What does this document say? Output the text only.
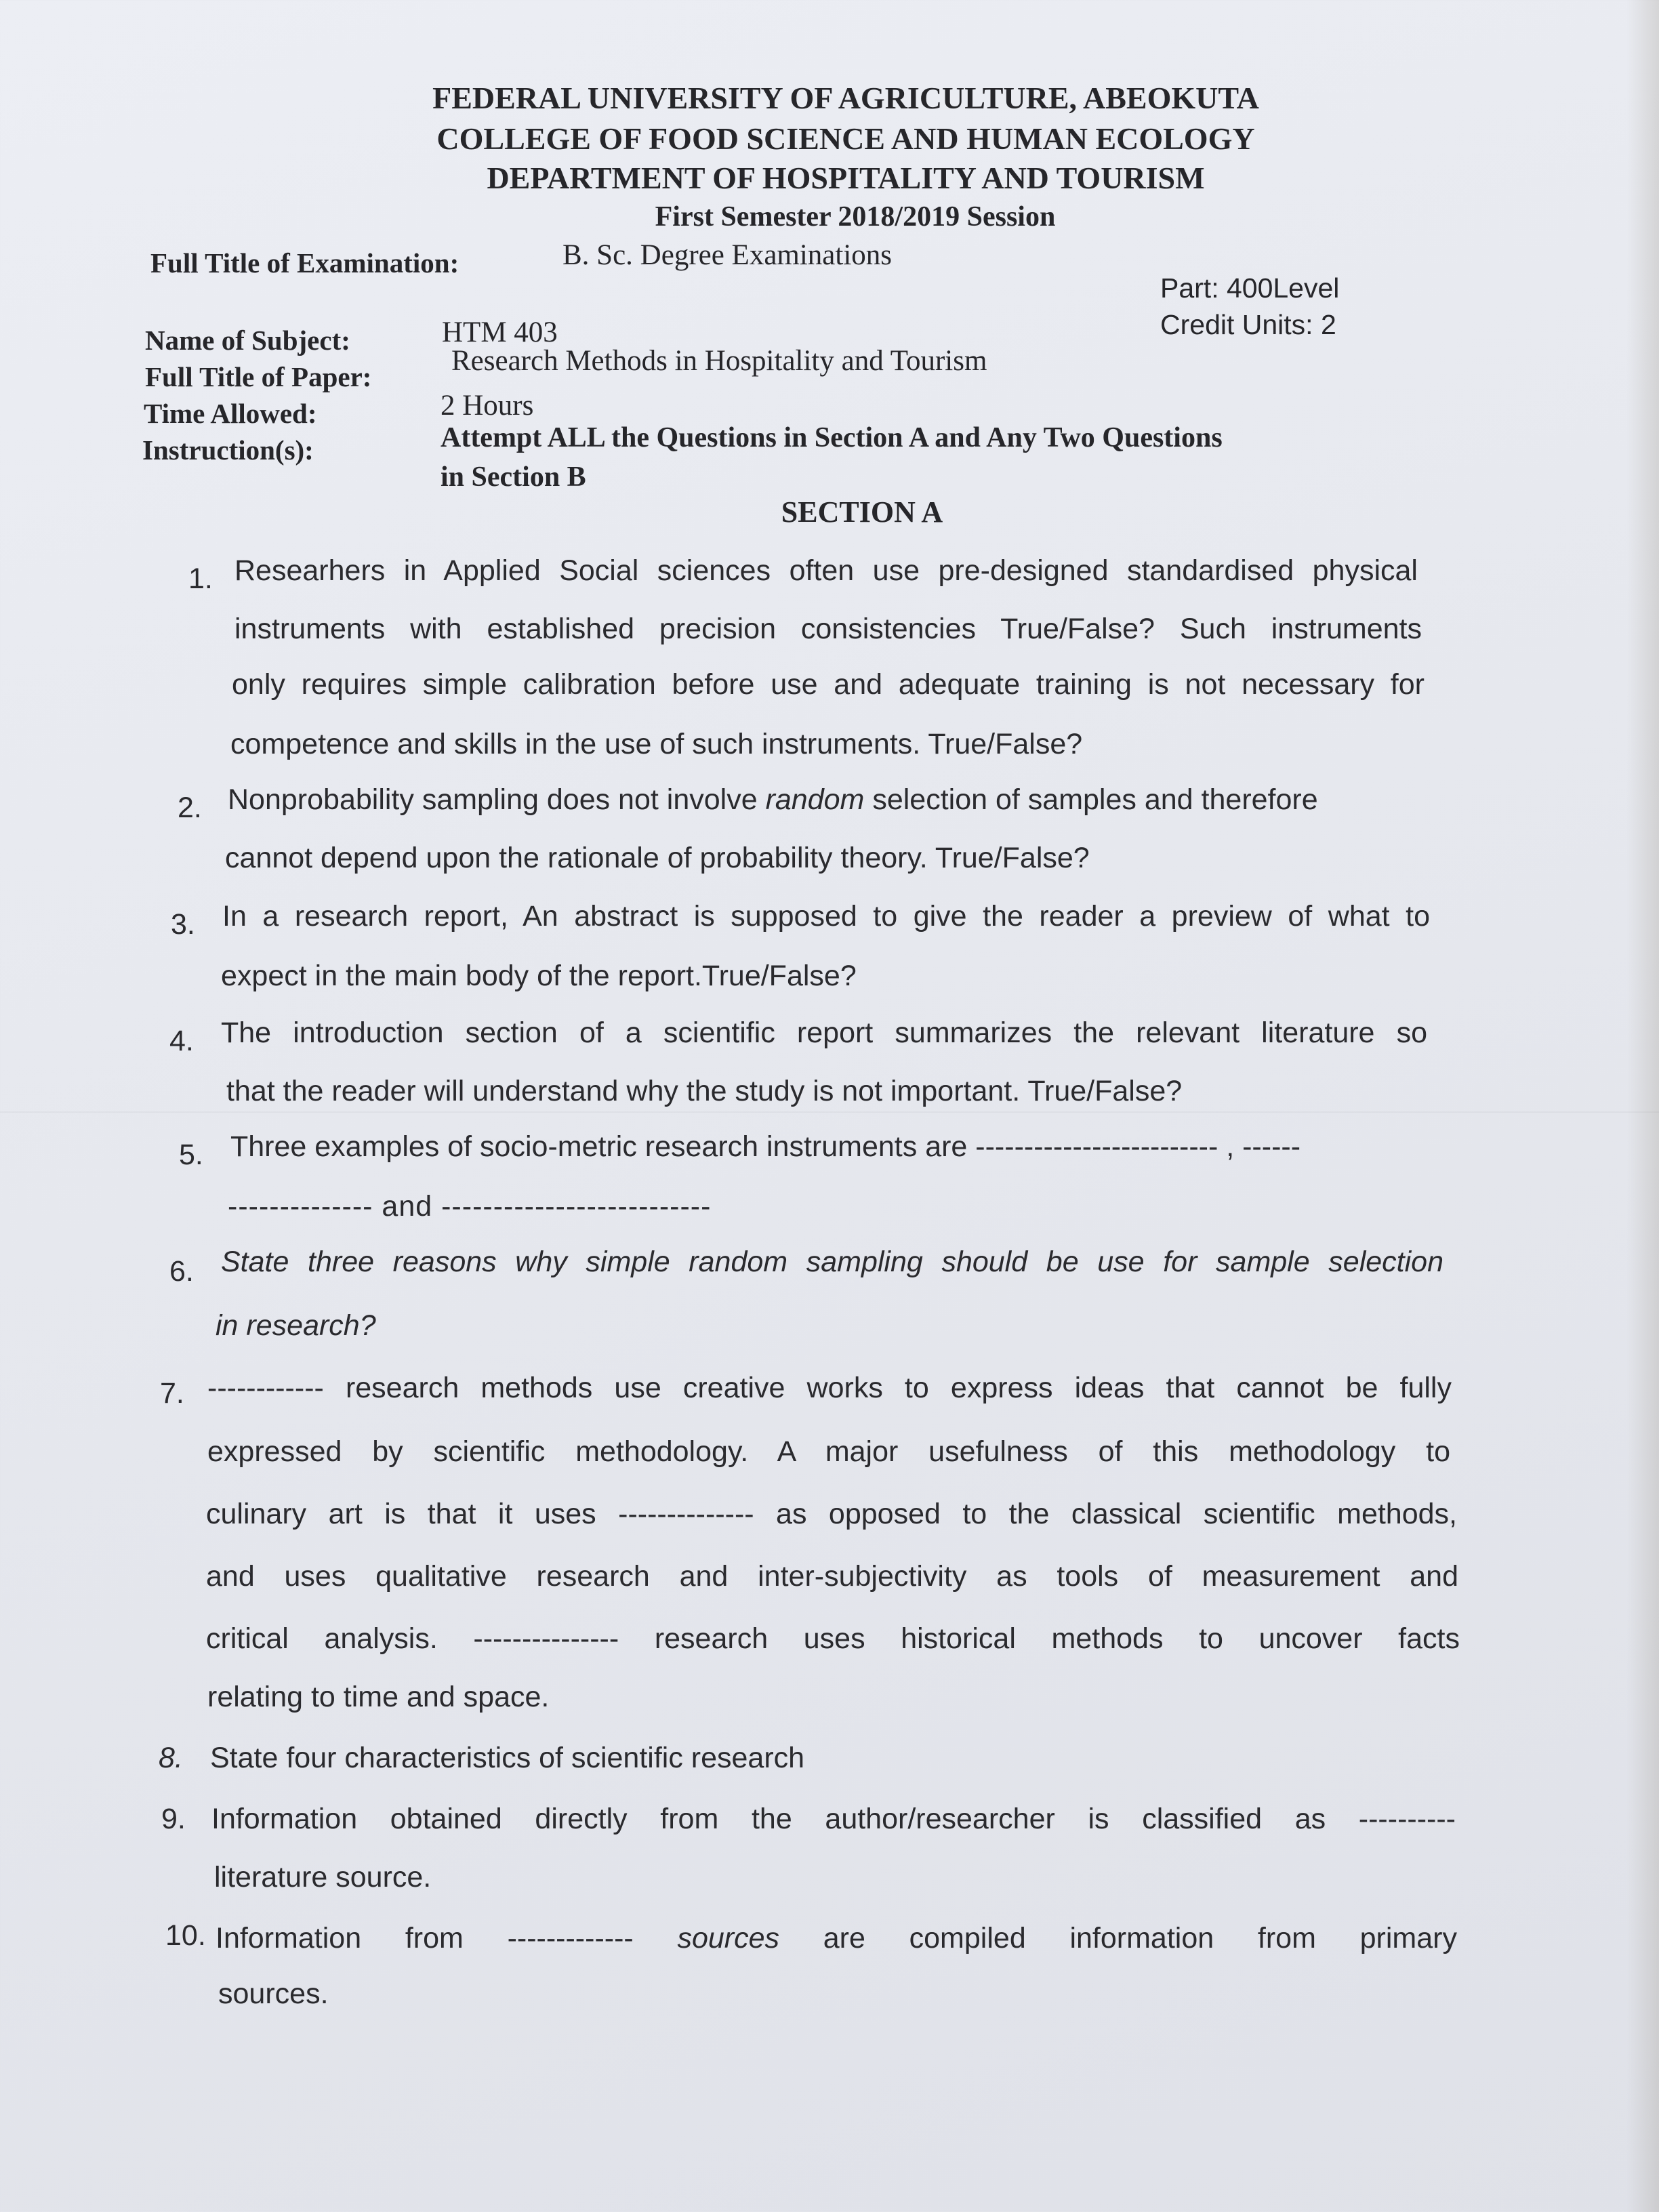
FEDERAL UNIVERSITY OF AGRICULTURE, ABEOKUTA
COLLEGE OF FOOD SCIENCE AND HUMAN ECOLOGY
DEPARTMENT OF HOSPITALITY AND TOURISM
First Semester 2018/2019 Session
Full Title of Examination:	B. Sc. Degree Examinations
Part: 400Level
Credit Units: 2
Name of Subject:	HTM 403
Full Title of Paper:	Research Methods in Hospitality and Tourism
Time Allowed:	2 Hours
Instruction(s):	Attempt ALL the Questions in Section A and Any Two Questions
in Section B
SECTION A
1. Researhers in Applied Social sciences often use pre-designed standardised physical
instruments with established precision consistencies True/False? Such instruments
only requires simple calibration before use and adequate training is not necessary for
competence and skills in the use of such instruments. True/False?
2. Nonprobability sampling does not involve random selection of samples and therefore
cannot depend upon the rationale of probability theory. True/False?
3. In a research report, An abstract is supposed to give the reader a preview of what to
expect in the main body of the report.True/False?
4. The introduction section of a scientific report summarizes the relevant literature so
that the reader will understand why the study is not important. True/False?
5. Three examples of socio-metric research instruments are ------------------------- , ------
-------------- and --------------------------
6. State three reasons why simple random sampling should be use for sample selection
in research?
7. ------------ research methods use creative works to express ideas that cannot be fully
expressed by scientific methodology. A major usefulness of this methodology to
culinary art is that it uses -------------- as opposed to the classical scientific methods,
and uses qualitative research and inter-subjectivity as tools of measurement and
critical analysis. --------------- research uses historical methods to uncover facts
relating to time and space.
8. State four characteristics of scientific research
9. Information obtained directly from the author/researcher is classified as ----------
literature source.
10. Information from ------------- sources are compiled information from primary
sources.
